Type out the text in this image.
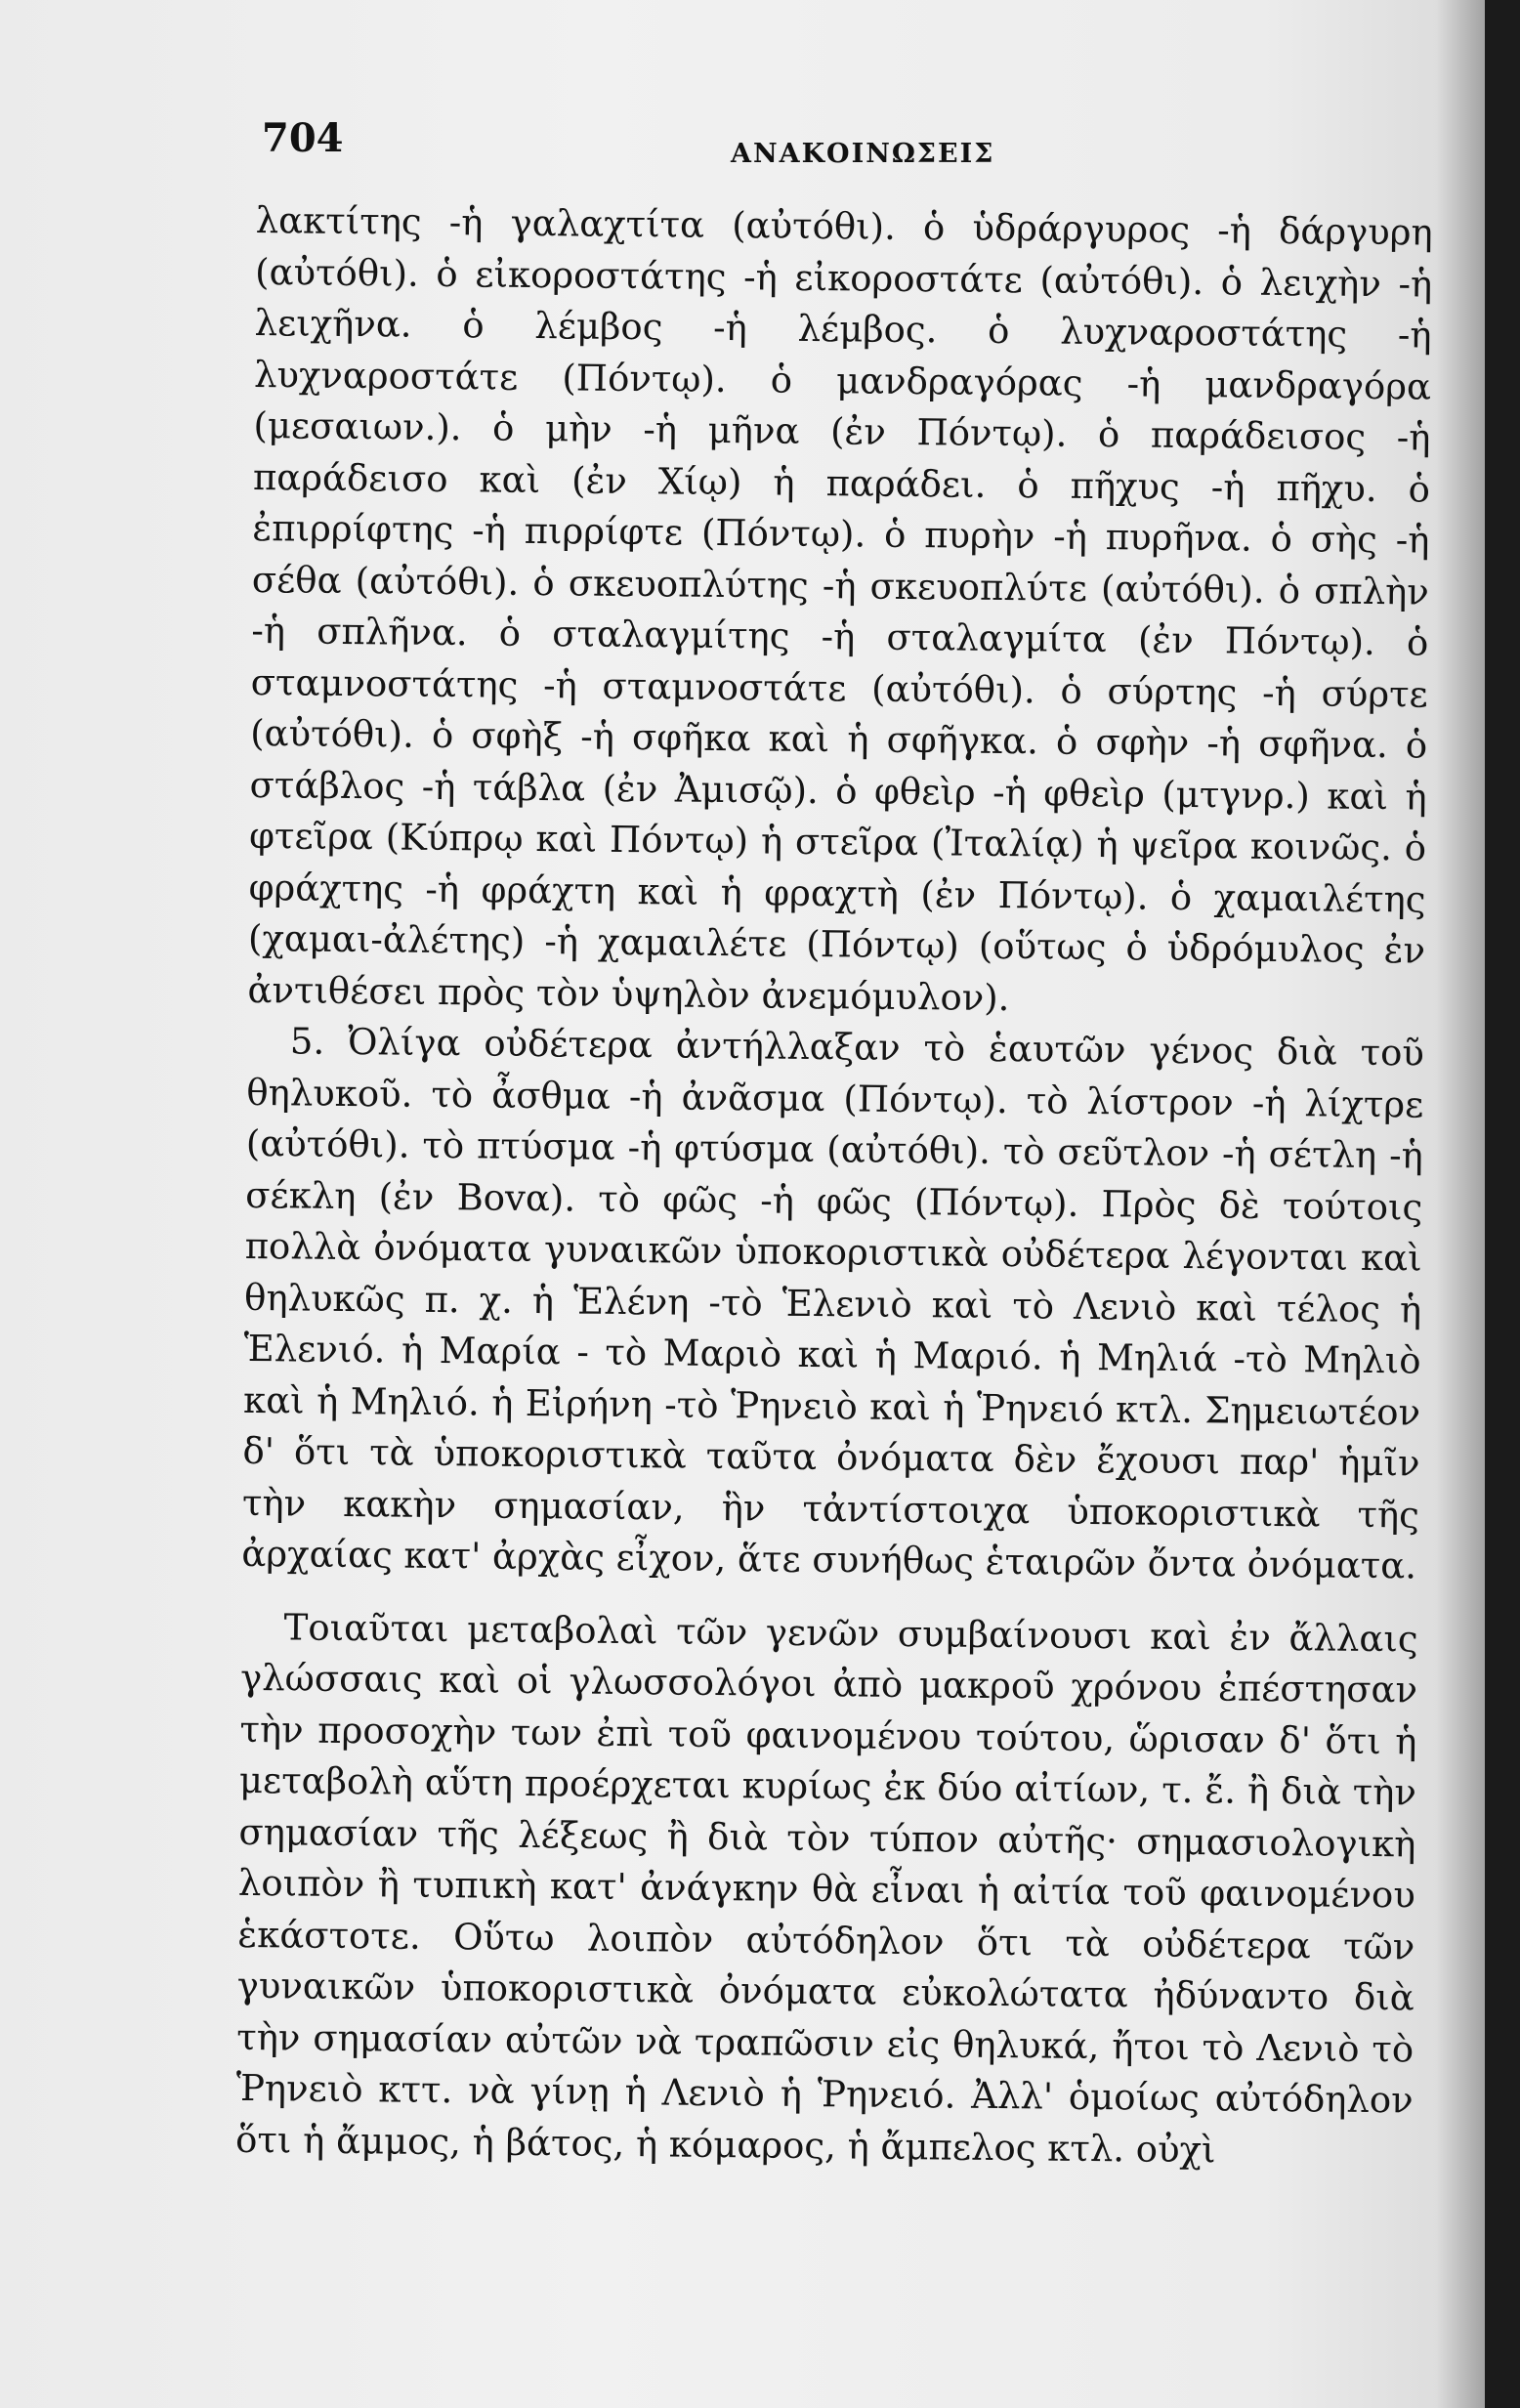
704	ΑΝΑΚΟΙΝΩΣΕΙΣ

λακτίτης -ἡ γαλαχτίτα (αὐτόθι). ὁ ὑδράργυρος -ἡ δάργυρη (αὐτόθι). ὁ εἰκοροστάτης -ἡ εἰκοροστάτε (αὐτόθι). ὁ λειχὴν -ἡ λειχῆνα. ὁ λέμβος -ἡ λέμβος. ὁ λυχναροστάτης -ἡ λυχναροστάτε (Πόντῳ). ὁ μανδραγόρας -ἡ μανδραγόρα (μεσαιων.). ὁ μὴν -ἡ μῆνα (ἐν Πόντῳ). ὁ παράδεισος -ἡ παράδεισο καὶ (ἐν Χίῳ) ἡ παράδει. ὁ πῆχυς -ἡ πῆχυ. ὁ ἐπιρρίφτης -ἡ πιρρίφτε (Πόντῳ). ὁ πυρὴν -ἡ πυρῆνα. ὁ σὴς -ἡ σέθα (αὐτόθι). ὁ σκευοπλύτης -ἡ σκευοπλύτε (αὐτόθι). ὁ σπλὴν -ἡ σπλῆνα. ὁ σταλαγμίτης -ἡ σταλαγμίτα (ἐν Πόντῳ). ὁ σταμνοστάτης -ἡ σταμνοστάτε (αὐτόθι). ὁ σύρτης -ἡ σύρτε (αὐτόθι). ὁ σφὴξ -ἡ σφῆκα καὶ ἡ σφῆγκα. ὁ σφὴν -ἡ σφῆνα. ὁ στάβλος -ἡ τάβλα (ἐν Ἀμισῷ). ὁ φθεὶρ -ἡ φθεὶρ (μτγνρ.) καὶ ἡ φτεῖρα (Κύπρῳ καὶ Πόντῳ) ἡ στεῖρα (Ἰταλίᾳ) ἡ ψεῖρα κοινῶς. ὁ φράχτης -ἡ φράχτη καὶ ἡ φραχτὴ (ἐν Πόντῳ). ὁ χαμαιλέτης (χαμαι-ἀλέτης) -ἡ χαμαιλέτε (Πόντῳ) (οὕτως ὁ ὑδρόμυλος ἐν ἀντιθέσει πρὸς τὸν ὑψηλὸν ἀνεμόμυλον).

5. Ὀλίγα οὐδέτερα ἀντήλλαξαν τὸ ἑαυτῶν γένος διὰ τοῦ θηλυκοῦ. τὸ ἆσθμα -ἡ ἀνᾶσμα (Πόντῳ). τὸ λίστρον -ἡ λίχτρε (αὐτόθι). τὸ πτύσμα -ἡ φτύσμα (αὐτόθι). τὸ σεῦτλον -ἡ σέτλη -ἡ σέκλη (ἐν Βοvα). τὸ φῶς -ἡ φῶς (Πόντῳ). Πρὸς δὲ τούτοις πολλὰ ὀνόματα γυναικῶν ὑποκοριστικὰ οὐδέτερα λέγονται καὶ θηλυκῶς π. χ. ἡ Ἑλένη -τὸ Ἑλενιὸ καὶ τὸ Λενιὸ καὶ τέλος ἡ Ἑλενιό. ἡ Μαρία - τὸ Μαριὸ καὶ ἡ Μαριό. ἡ Μηλιά -τὸ Μηλιὸ καὶ ἡ Μηλιό. ἡ Εἰρήνη -τὸ Ῥηνειὸ καὶ ἡ Ῥηνειό κτλ. Σημειωτέον δ' ὅτι τὰ ὑποκοριστικὰ ταῦτα ὀνόματα δὲν ἔχουσι παρ' ἡμῖν τὴν κακὴν σημασίαν, ἣν τἀντίστοιχα ὑποκοριστικὰ τῆς ἀρχαίας κατ' ἀρχὰς εἶχον, ἅτε συνήθως ἑταιρῶν ὄντα ὀνόματα.

Τοιαῦται μεταβολαὶ τῶν γενῶν συμβαίνουσι καὶ ἐν ἄλλαις γλώσσαις καὶ οἱ γλωσσολόγοι ἀπὸ μακροῦ χρόνου ἐπέστησαν τὴν προσοχὴν των ἐπὶ τοῦ φαινομένου τούτου, ὥρισαν δ' ὅτι ἡ μεταβολὴ αὕτη προέρχεται κυρίως ἐκ δύο αἰτίων, τ. ἔ. ἢ διὰ τὴν σημασίαν τῆς λέξεως ἢ διὰ τὸν τύπον αὐτῆς· σημασιολογικὴ λοιπὸν ἢ τυπικὴ κατ' ἀνάγκην θὰ εἶναι ἡ αἰτία τοῦ φαινομένου ἑκάστοτε. Οὕτω λοιπὸν αὐτόδηλον ὅτι τὰ οὐδέτερα τῶν γυναικῶν ὑποκοριστικὰ ὀνόματα εὐκολώτατα ἠδύναντο διὰ τὴν σημασίαν αὐτῶν νὰ τραπῶσιν εἰς θηλυκά, ἤτοι τὸ Λενιὸ τὸ Ῥηνειὸ κττ. νὰ γίνῃ ἡ Λενιὸ ἡ Ῥηνειό. Ἀλλ' ὁμοίως αὐτόδηλον ὅτι ἡ ἄμμος, ἡ βάτος, ἡ κόμαρος, ἡ ἄμπελος κτλ. οὐχὶ
